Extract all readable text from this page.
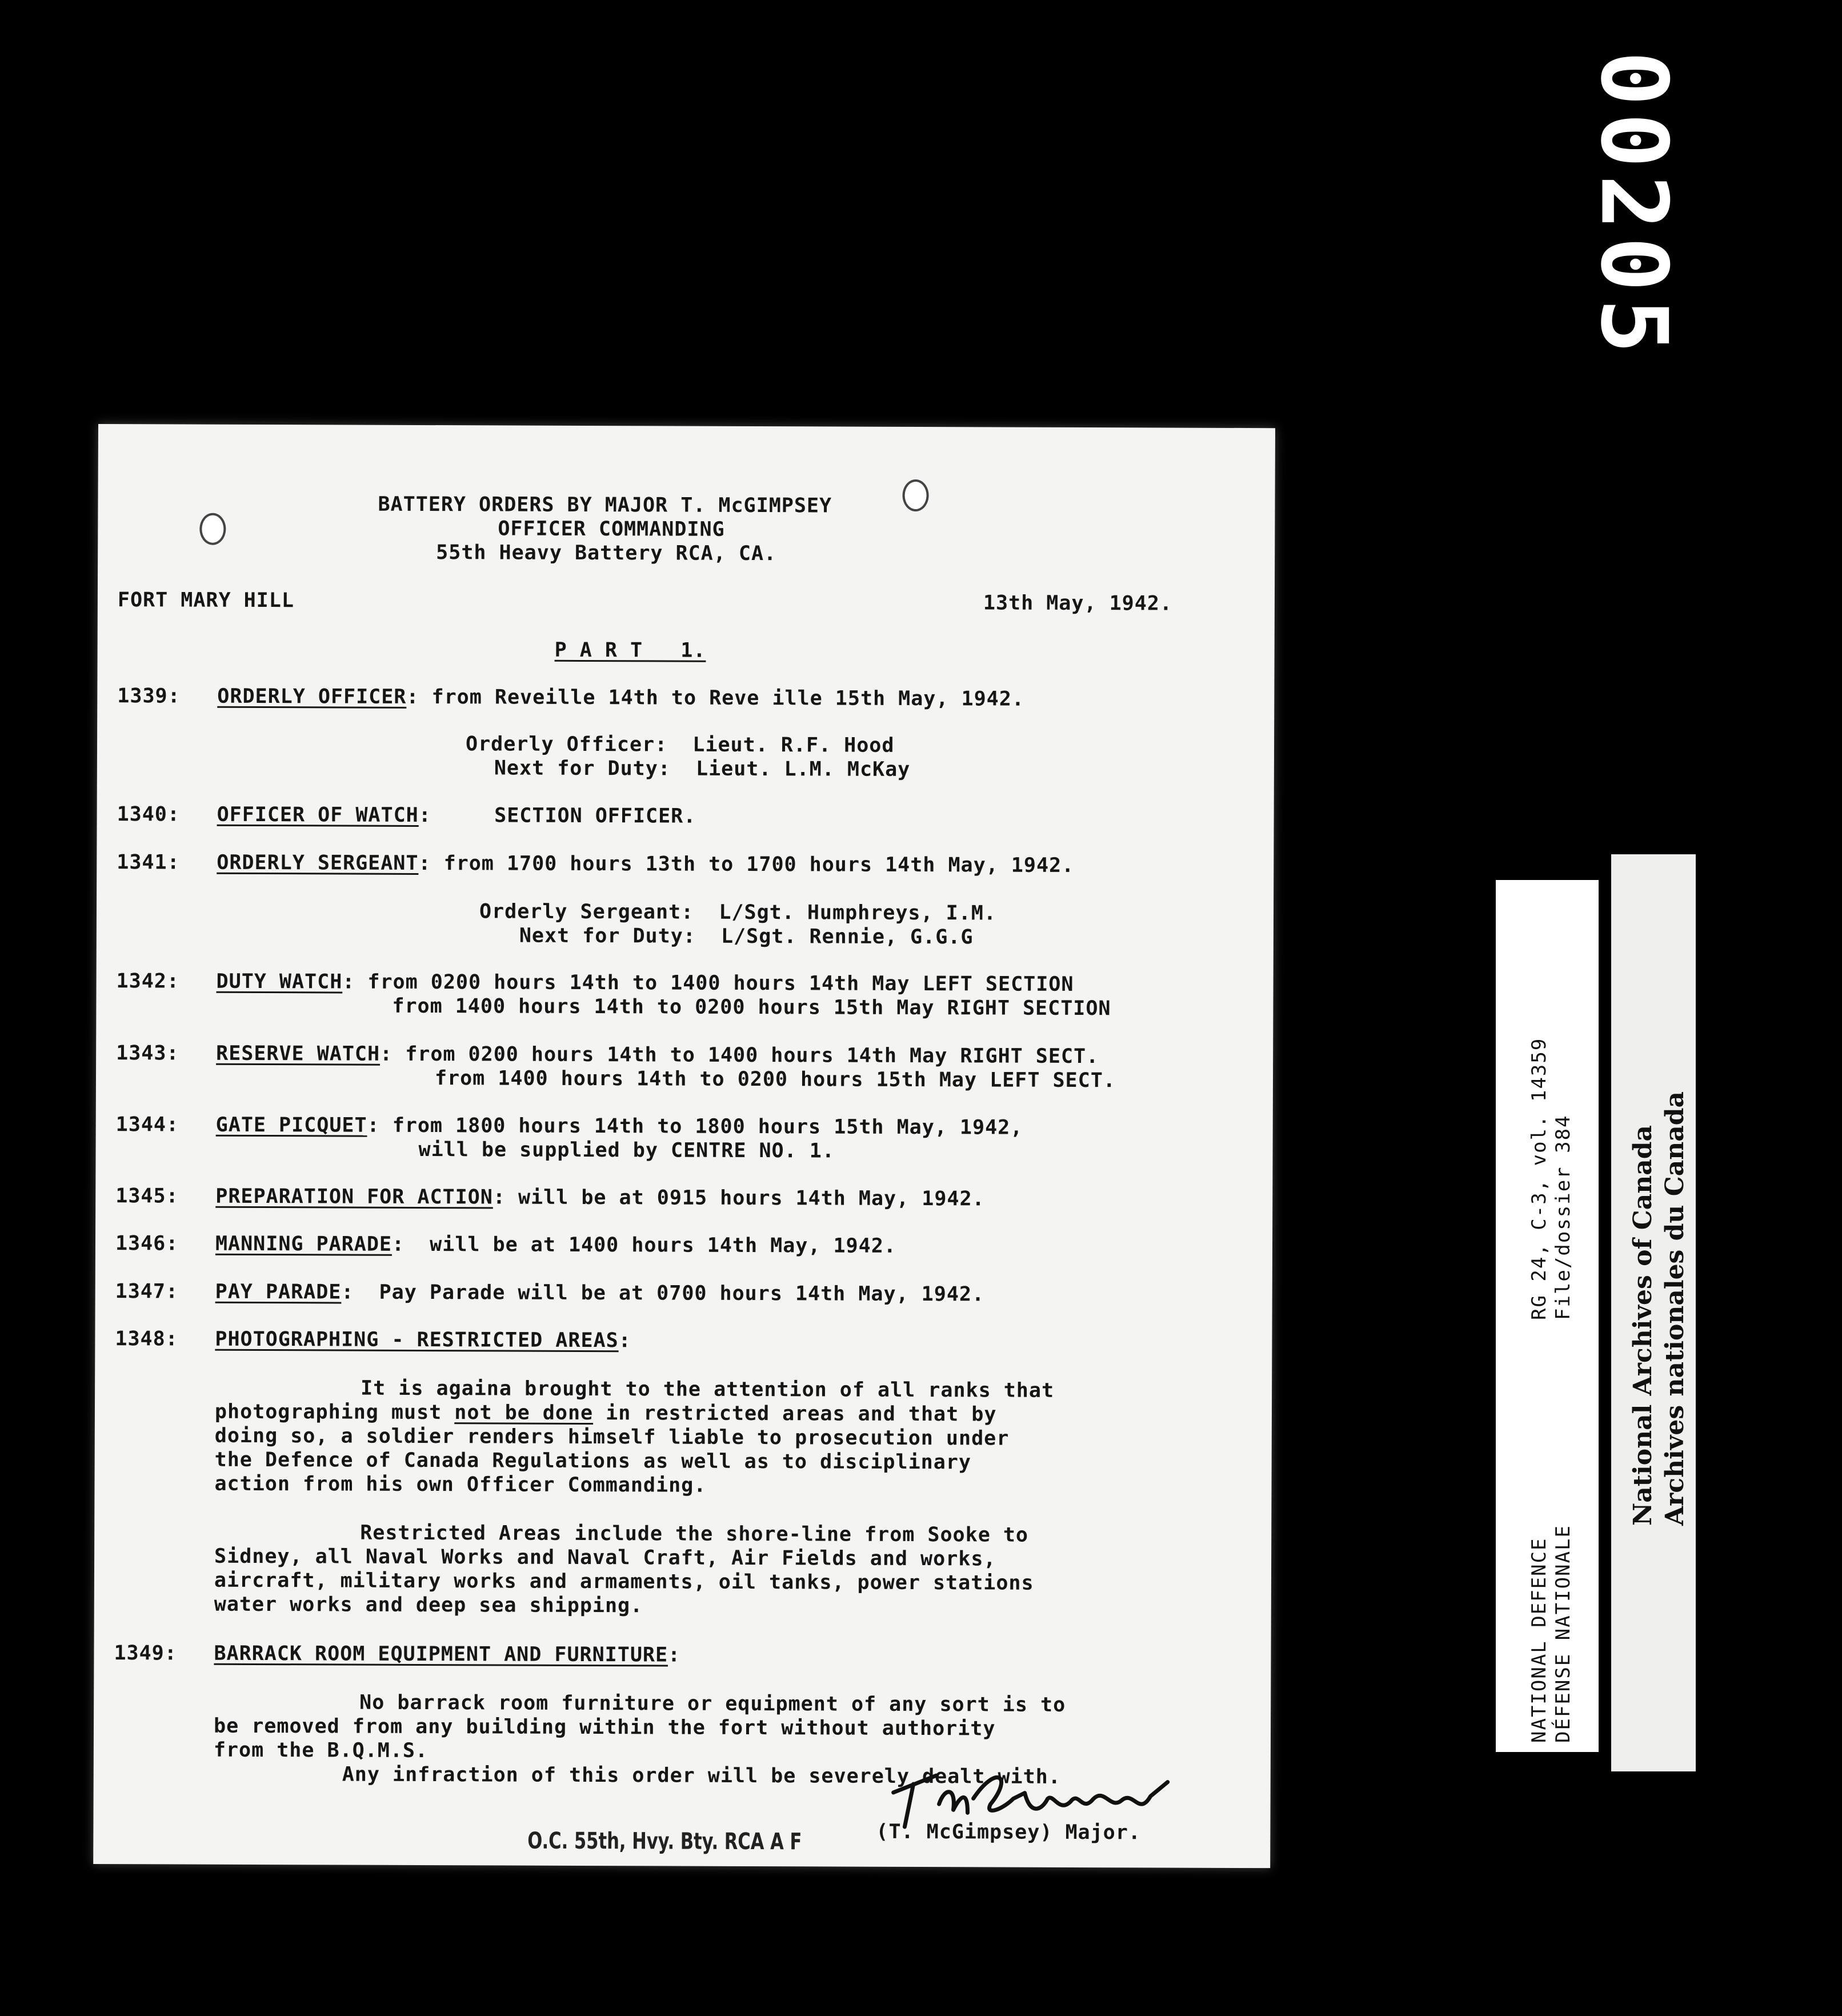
00205
BATTERY ORDERS BY MAJOR T. McGIMPSEY
OFFICER COMMANDING
55th Heavy Battery RCA, CA.
FORT MARY HILL	13th May, 1942.
P A R T   1.
1339:	ORDERLY OFFICER: from Reveille 14th to Reve ille 15th May, 1942.
Orderly Officer:  Lieut. R.F. Hood
Next for Duty:  Lieut. L.M. McKay
1340:	OFFICER OF WATCH:     SECTION OFFICER.
1341:	ORDERLY SERGEANT: from 1700 hours 13th to 1700 hours 14th May, 1942.
Orderly Sergeant:  L/Sgt. Humphreys, I.M.
Next for Duty:  L/Sgt. Rennie, G.G.G
1342:	DUTY WATCH: from 0200 hours 14th to 1400 hours 14th May LEFT SECTION
from 1400 hours 14th to 0200 hours 15th May RIGHT SECTION
1343:	RESERVE WATCH: from 0200 hours 14th to 1400 hours 14th May RIGHT SECT.
from 1400 hours 14th to 0200 hours 15th May LEFT SECT.
1344:	GATE PICQUET: from 1800 hours 14th to 1800 hours 15th May, 1942,
will be supplied by CENTRE NO. 1.
1345:	PREPARATION FOR ACTION: will be at 0915 hours 14th May, 1942.
1346:	MANNING PARADE:  will be at 1400 hours 14th May, 1942.
1347:	PAY PARADE:  Pay Parade will be at 0700 hours 14th May, 1942.
1348:	PHOTOGRAPHING - RESTRICTED AREAS:
It is againa brought to the attention of all ranks that
photographing must not be done in restricted areas and that by
doing so, a soldier renders himself liable to prosecution under
the Defence of Canada Regulations as well as to disciplinary
action from his own Officer Commanding.
Restricted Areas include the shore-line from Sooke to
Sidney, all Naval Works and Naval Craft, Air Fields and works,
aircraft, military works and armaments, oil tanks, power stations
water works and deep sea shipping.
1349:	BARRACK ROOM EQUIPMENT AND FURNITURE:
No barrack room furniture or equipment of any sort is to
be removed from any building within the fort without authority
from the B.Q.M.S.
Any infraction of this order will be severely dealt with.
(T. McGimpsey) Major.
O.C. 55th, Hvy. Bty. RCA A F
RG 24, C-3, vol. 14359 File/dossier 384
NATIONAL DEFENCE DÉFENSE NATIONALE
National Archives of Canada Archives nationales du Canada
